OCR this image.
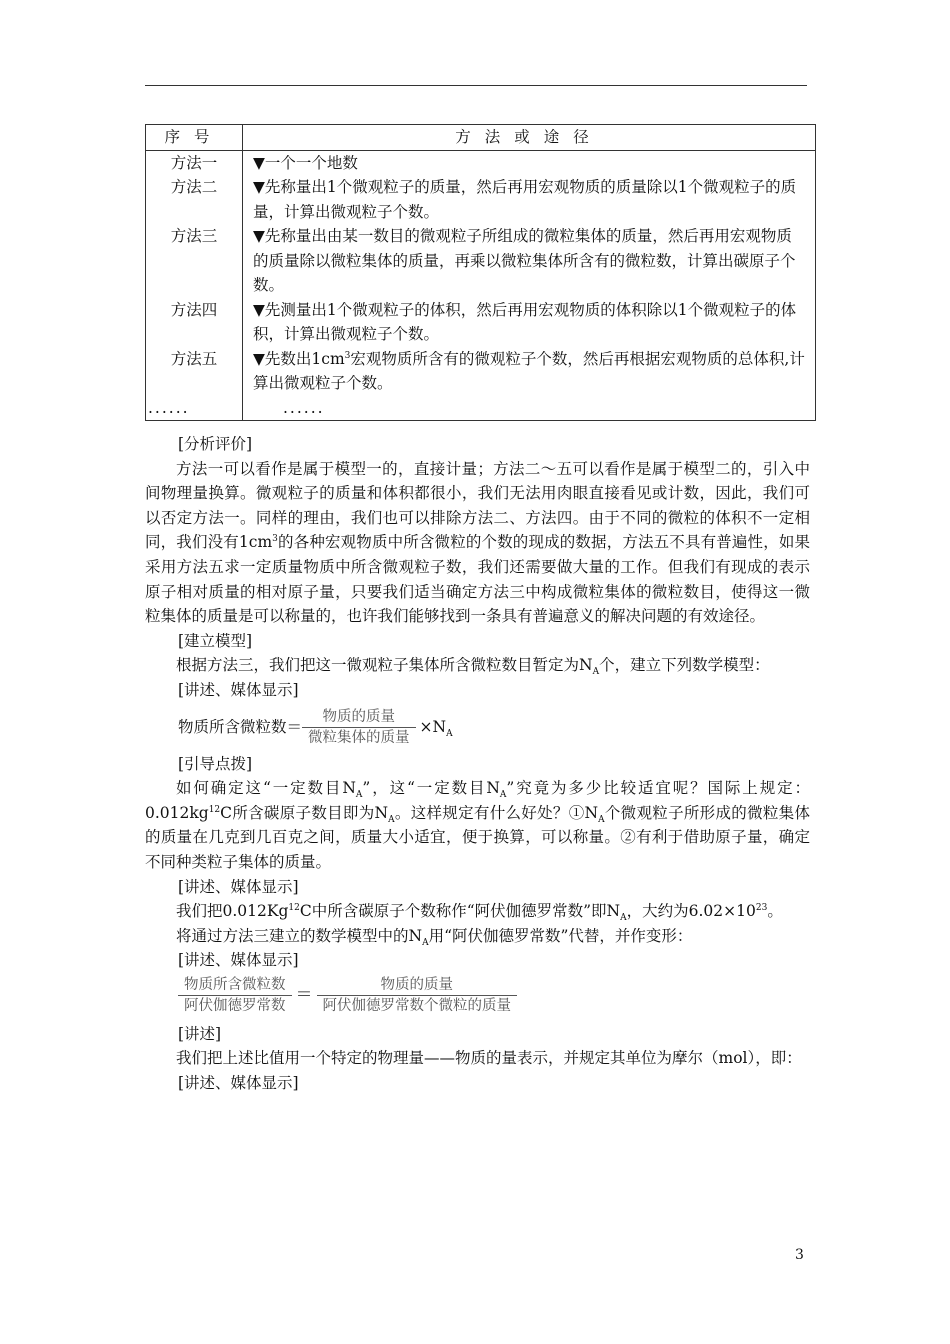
序号	方法或途径
方法一	▼一个一个地数
方法二	▼先称量出1个微观粒子的质量，然后再用宏观物质的质量除以1个微观粒子的质量，计算出微观粒子个数。
方法三	▼先称量出由某一数目的微观粒子所组成的微粒集体的质量，然后再用宏观物质的质量除以微粒集体的质量，再乘以微粒集体所含有的微粒数，计算出碳原子个数。
方法四	▼先测量出1个微观粒子的体积，然后再用宏观物质的体积除以1个微观粒子的体积，计算出微观粒子个数。
方法五	▼先数出$1cm^3$宏观物质所含有的微观粒子个数，然后再根据宏观物质的总体积,计算出微观粒子个数。
......	......

[分析评价]

方法一可以看作是属于模型一的，直接计量；方法二～五可以看作是属于模型二的，引入中间物理量换算。微观粒子的质量和体积都很小，我们无法用肉眼直接看见或计数，因此，我们可以否定方法一。同样的理由，我们也可以排除方法二、方法四。由于不同的微粒的体积不一定相同，我们没有$1cm^3$的各种宏观物质中所含微粒的个数的现成的数据，方法五不具有普遍性，如果采用方法五求一定质量物质中所含微观粒子数，我们还需要做大量的工作。但我们有现成的表示原子相对质量的相对原子量，只要我们适当确定方法三中构成微粒集体的微粒数目，使得这一微粒集体的质量是可以称量的，也许我们能够找到一条具有普遍意义的解决问题的有效途径。

[建立模型]

根据方法三，我们把这一微观粒子集体所含微粒数目暂定为$N_A$个，建立下列数学模型：

[讲述、媒体显示]

物质所含微粒数＝ $\frac{\text{物质的质量}}{\text{微粒集体的质量}} \times N_A$

[引导点拨]

如何确定这“一定数目$N_A$”，这“一定数目$N_A$”究竟为多少比较适宜呢？国际上规定：$0.012kg^{12}C$所含碳原子数目即为$N_A$。这样规定有什么好处？$①N_A$个微观粒子所形成的微粒集体的质量在几克到几百克之间，质量大小适宜，便于换算，可以称量。②有利于借助原子量，确定不同种类粒子集体的质量。

[讲述、媒体显示]

我们把0.012Kg$^{12}$C中所含碳原子个数称作“阿伏伽德罗常数”即$N_A$，大约为$6.02\times 10^{23}$。

将通过方法三建立的数学模型中的$N_A$用“阿伏伽德罗常数”代替，并作变形：

[讲述、媒体显示]

$\frac{\text{物质所含微粒数}}{\text{阿伏伽德罗常数}} = \frac{\text{物质的质量}}{\text{阿伏伽德罗常数个微粒的质量}}$

[讲述]

我们把上述比值用一个特定的物理量——物质的量表示，并规定其单位为摩尔（mol），即：

[讲述、媒体显示]

3
